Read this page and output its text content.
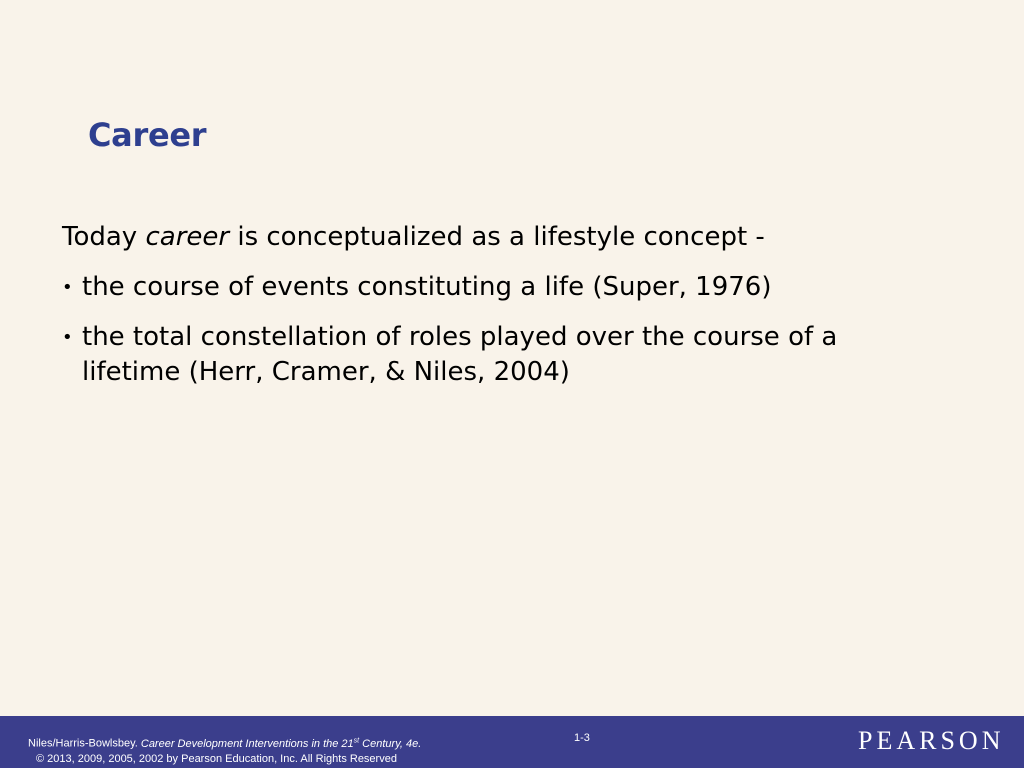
Career

Today career is conceptualized as a lifestyle concept -

• the course of events constituting a life (Super, 1976)
• the total constellation of roles played over the course of a lifetime (Herr, Cramer, & Niles, 2004)
Niles/Harris-Bowlsbey. Career Development Interventions in the 21st Century, 4e.
© 2013, 2009, 2005, 2002 by Pearson Education, Inc. All Rights Reserved
1-3	PEARSON
